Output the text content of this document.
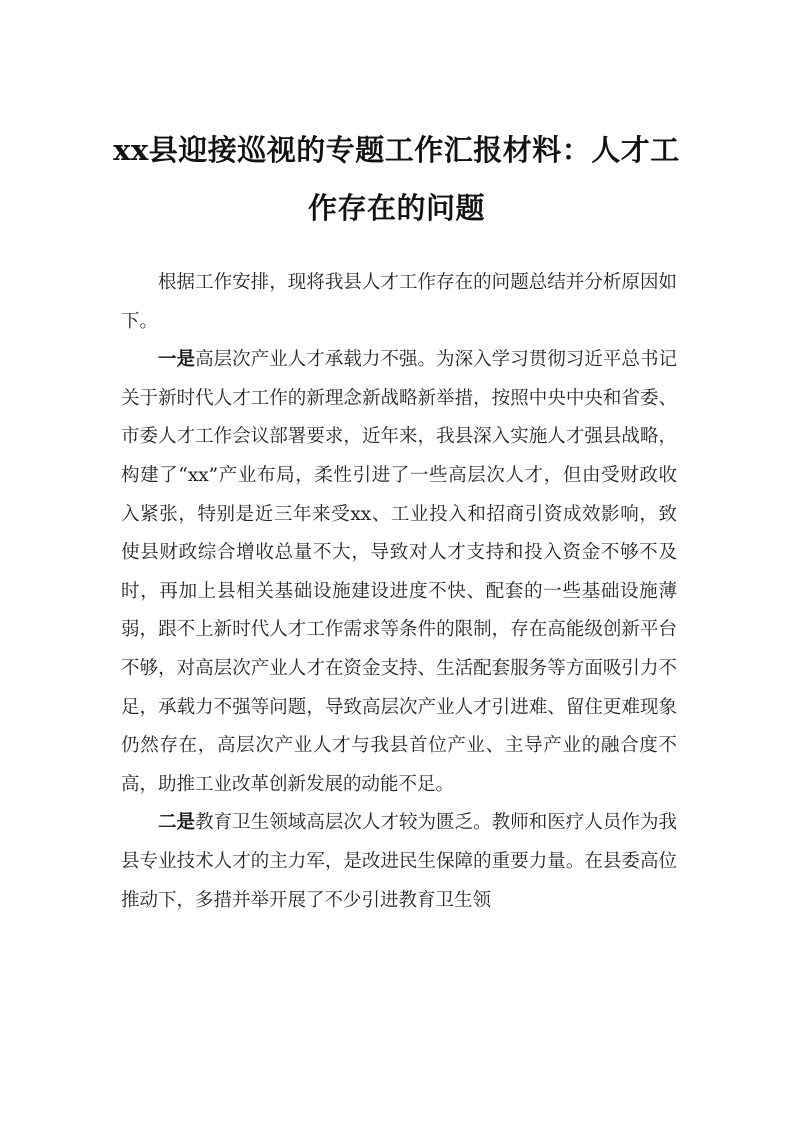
xx县迎接巡视的专题工作汇报材料：人才工
作存在的问题

根据工作安排，现将我县人才工作存在的问题总结并分析原因如下。

一是高层次产业人才承载力不强。为深入学习贯彻习近平总书记关于新时代人才工作的新理念新战略新举措，按照中央中央和省委、市委人才工作会议部署要求，近年来，我县深入实施人才强县战略，构建了“xx”产业布局，柔性引进了一些高层次人才，但由受财政收入紧张，特别是近三年来受xx、工业投入和招商引资成效影响，致使县财政综合增收总量不大，导致对人才支持和投入资金不够不及时，再加上县相关基础设施建设进度不快、配套的一些基础设施薄弱，跟不上新时代人才工作需求等条件的限制，存在高能级创新平台不够，对高层次产业人才在资金支持、生活配套服务等方面吸引力不足，承载力不强等问题，导致高层次产业人才引进难、留住更难现象仍然存在，高层次产业人才与我县首位产业、主导产业的融合度不高，助推工业改革创新发展的动能不足。

二是教育卫生领域高层次人才较为匮乏。教师和医疗人员作为我县专业技术人才的主力军，是改进民生保障的重要力量。在县委高位推动下，多措并举开展了不少引进教育卫生领
